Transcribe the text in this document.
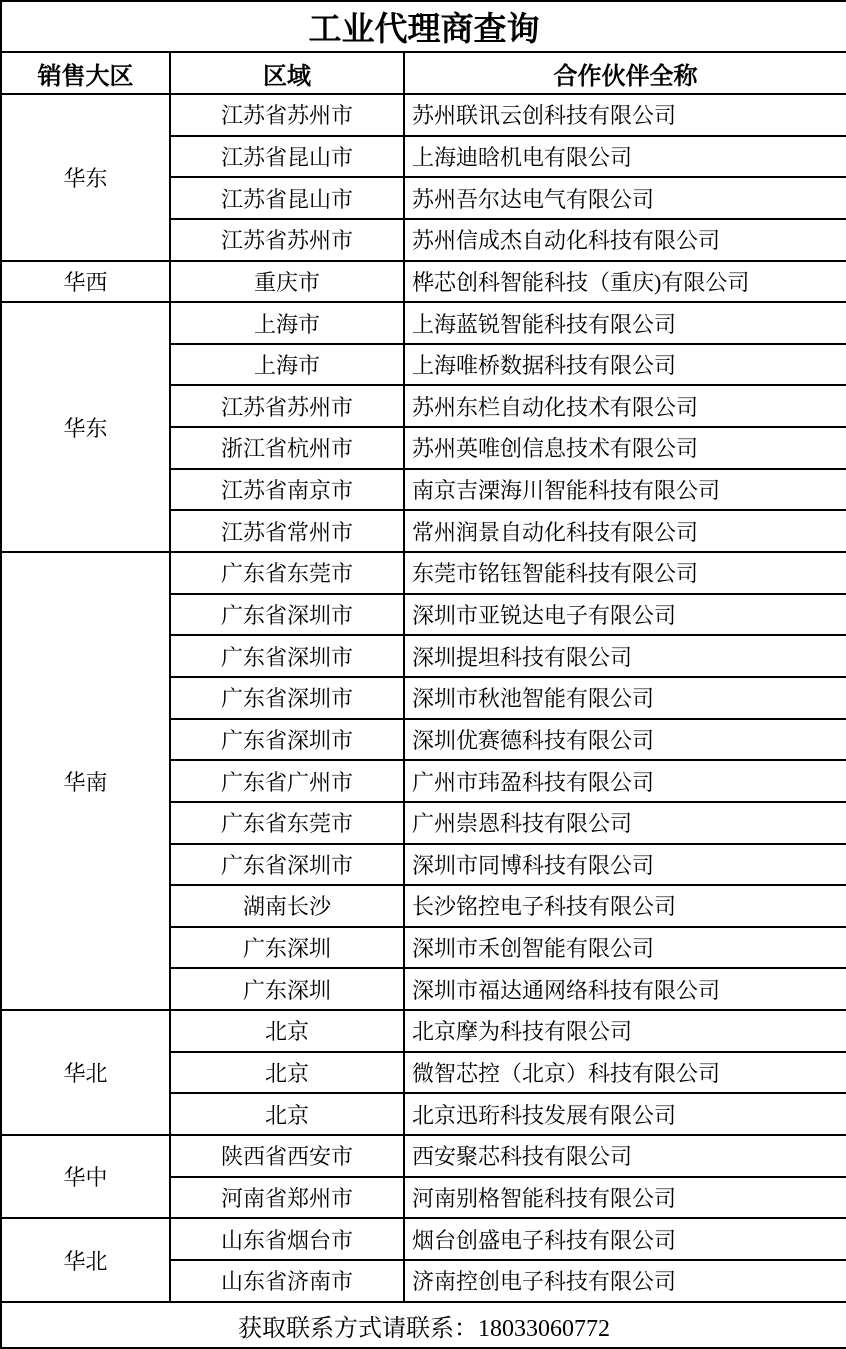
工业代理商查询		
销售大区	区域	合作伙伴全称
华东	江苏省苏州市	苏州联讯云创科技有限公司
	江苏省昆山市	上海迪晗机电有限公司
	江苏省昆山市	苏州吾尔达电气有限公司
	江苏省苏州市	苏州信成杰自动化科技有限公司
华西	重庆市	桦芯创科智能科技（重庆)有限公司
华东	上海市	上海蓝锐智能科技有限公司
	上海市	上海唯桥数据科技有限公司
	江苏省苏州市	苏州东栏自动化技术有限公司
	浙江省杭州市	苏州英唯创信息技术有限公司
	江苏省南京市	南京吉溧海川智能科技有限公司
	江苏省常州市	常州润景自动化科技有限公司
华南	广东省东莞市	东莞市铭钰智能科技有限公司
	广东省深圳市	深圳市亚锐达电子有限公司
	广东省深圳市	深圳提坦科技有限公司
	广东省深圳市	深圳市秋池智能有限公司
	广东省深圳市	深圳优赛德科技有限公司
	广东省广州市	广州市玮盈科技有限公司
	广东省东莞市	广州崇恩科技有限公司
	广东省深圳市	深圳市同博科技有限公司
	湖南长沙	长沙铭控电子科技有限公司
	广东深圳	深圳市禾创智能有限公司
	广东深圳	深圳市福达通网络科技有限公司
华北	北京	北京摩为科技有限公司
	北京	微智芯控（北京）科技有限公司
	北京	北京迅珩科技发展有限公司
华中	陕西省西安市	西安聚芯科技有限公司
	河南省郑州市	河南别格智能科技有限公司
华北	山东省烟台市	烟台创盛电子科技有限公司
	山东省济南市	济南控创电子科技有限公司
获取联系方式请联系：18033060772		
